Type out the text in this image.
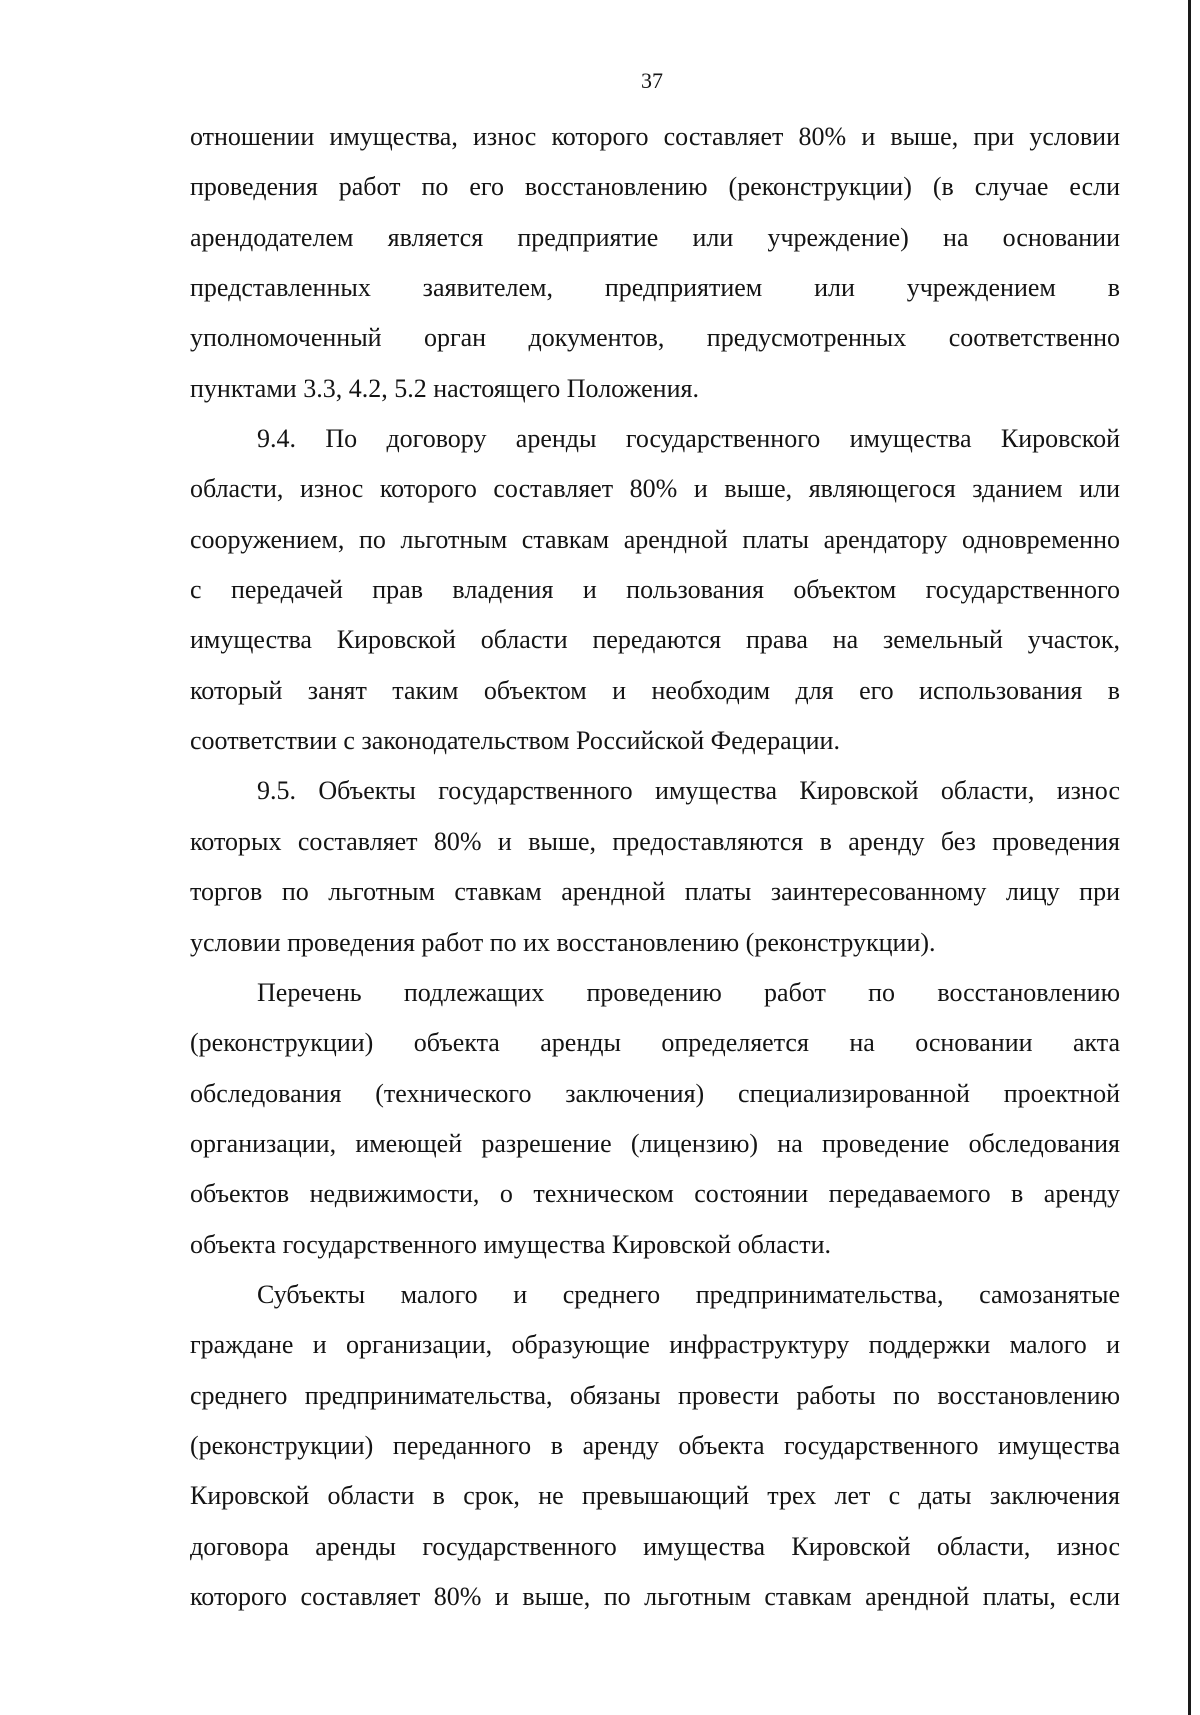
37
отношении имущества, износ которого составляет 80% и выше, при условии
проведения работ по его восстановлению (реконструкции) (в случае если
арендодателем является предприятие или учреждение) на основании
представленных заявителем, предприятием или учреждением в
уполномоченный орган документов, предусмотренных соответственно
пунктами 3.3, 4.2, 5.2 настоящего Положения.
9.4. По договору аренды государственного имущества Кировской
области, износ которого составляет 80% и выше, являющегося зданием или
сооружением, по льготным ставкам арендной платы арендатору одновременно
с передачей прав владения и пользования объектом государственного
имущества Кировской области передаются права на земельный участок,
который занят таким объектом и необходим для его использования в
соответствии с законодательством Российской Федерации.
9.5. Объекты государственного имущества Кировской области, износ
которых составляет 80% и выше, предоставляются в аренду без проведения
торгов по льготным ставкам арендной платы заинтересованному лицу при
условии проведения работ по их восстановлению (реконструкции).
Перечень подлежащих проведению работ по восстановлению
(реконструкции) объекта аренды определяется на основании акта
обследования (технического заключения) специализированной проектной
организации, имеющей разрешение (лицензию) на проведение обследования
объектов недвижимости, о техническом состоянии передаваемого в аренду
объекта государственного имущества Кировской области.
Субъекты малого и среднего предпринимательства, самозанятые
граждане и организации, образующие инфраструктуру поддержки малого и
среднего предпринимательства, обязаны провести работы по восстановлению
(реконструкции) переданного в аренду объекта государственного имущества
Кировской области в срок, не превышающий трех лет с даты заключения
договора аренды государственного имущества Кировской области, износ
которого составляет 80% и выше, по льготным ставкам арендной платы, если
